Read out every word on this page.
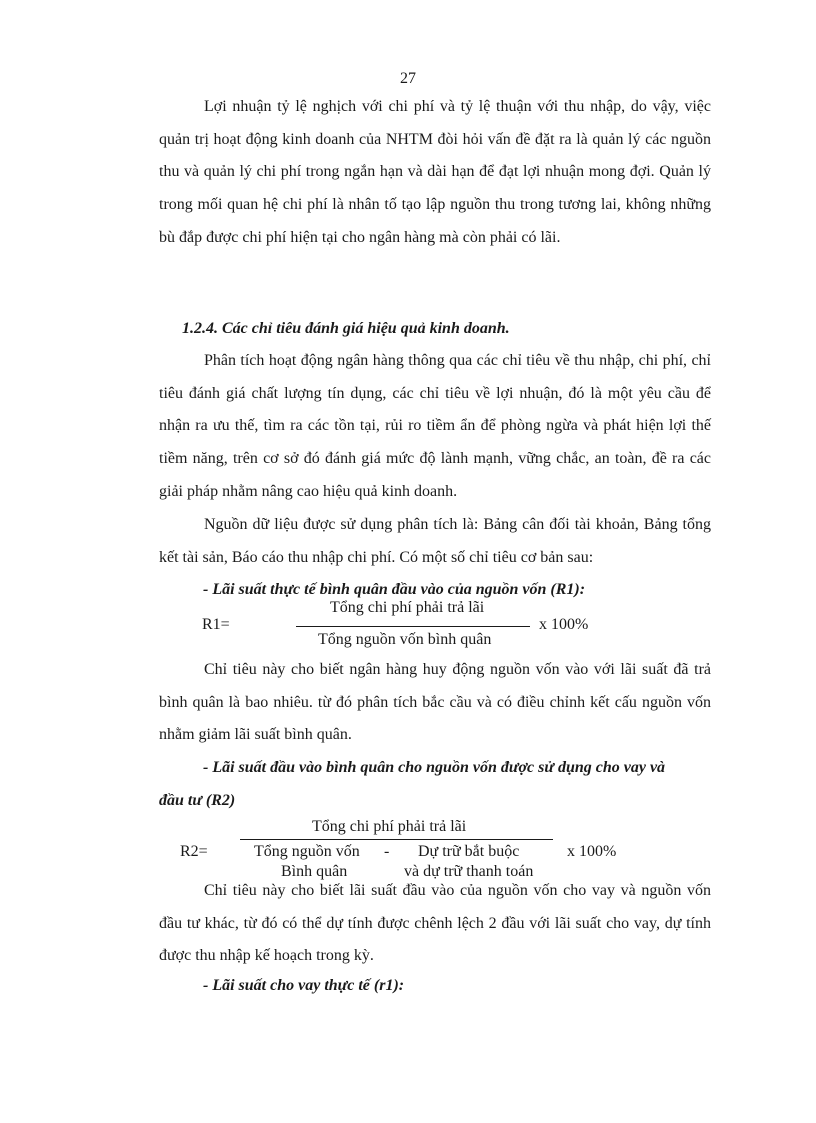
27
Lợi nhuận tỷ lệ nghịch với chi phí và tỷ lệ thuận với thu nhập, do vậy, việc quản trị hoạt động kinh doanh của NHTM đòi hỏi vấn đề đặt ra là quản lý các nguồn thu và quản lý chi phí trong ngắn hạn và dài hạn để đạt lợi nhuận mong đợi. Quản lý trong mối quan hệ chi phí là nhân tố tạo lập nguồn thu trong tương lai, không những bù đắp được chi phí hiện tại cho ngân hàng mà còn phải có lãi.
1.2.4. Các chỉ tiêu đánh giá hiệu quả kinh doanh.
Phân tích hoạt động ngân hàng thông qua các chỉ tiêu về thu nhập, chi phí, chỉ tiêu đánh giá chất lượng tín dụng, các chỉ tiêu về lợi nhuận, đó là một yêu cầu để nhận ra ưu thế, tìm ra các tồn tại, rủi ro tiềm ẩn để phòng ngừa và phát hiện lợi thế tiềm năng, trên cơ sở đó đánh giá mức độ lành mạnh, vững chắc, an toàn, đề ra các giải pháp nhằm nâng cao hiệu quả kinh doanh.
Nguồn dữ liệu được sử dụng phân tích là: Bảng cân đối tài khoản, Bảng tổng kết tài sản, Báo cáo thu nhập chi phí. Có một số chỉ tiêu cơ bản sau:
- Lãi suất thực tế bình quân đầu vào của nguồn vốn (R1):
R1=
Tổng chi phí phải trả lãi
Tổng nguồn vốn bình quân
x 100%
Chỉ tiêu này cho biết ngân hàng huy động nguồn vốn vào với lãi suất đã trả bình quân là bao nhiêu. từ đó phân tích bắc cầu và có điều chỉnh kết cấu nguồn vốn nhằm giảm lãi suất bình quân.
- Lãi suất đầu vào bình quân cho nguồn vốn được sử dụng cho vay và
đầu tư (R2)
Tổng chi phí phải trả lãi
R2=	Tổng nguồn vốn - Dự trữ bắt buộc	x 100%
Bình quân	và dự trữ thanh toán
Chỉ tiêu này cho biết lãi suất đầu vào của nguồn vốn cho vay và nguồn vốn đầu tư khác, từ đó có thể dự tính được chênh lệch 2 đầu với lãi suất cho vay, dự tính được thu nhập kế hoạch trong kỳ.
- Lãi suất cho vay thực tế (r1):
